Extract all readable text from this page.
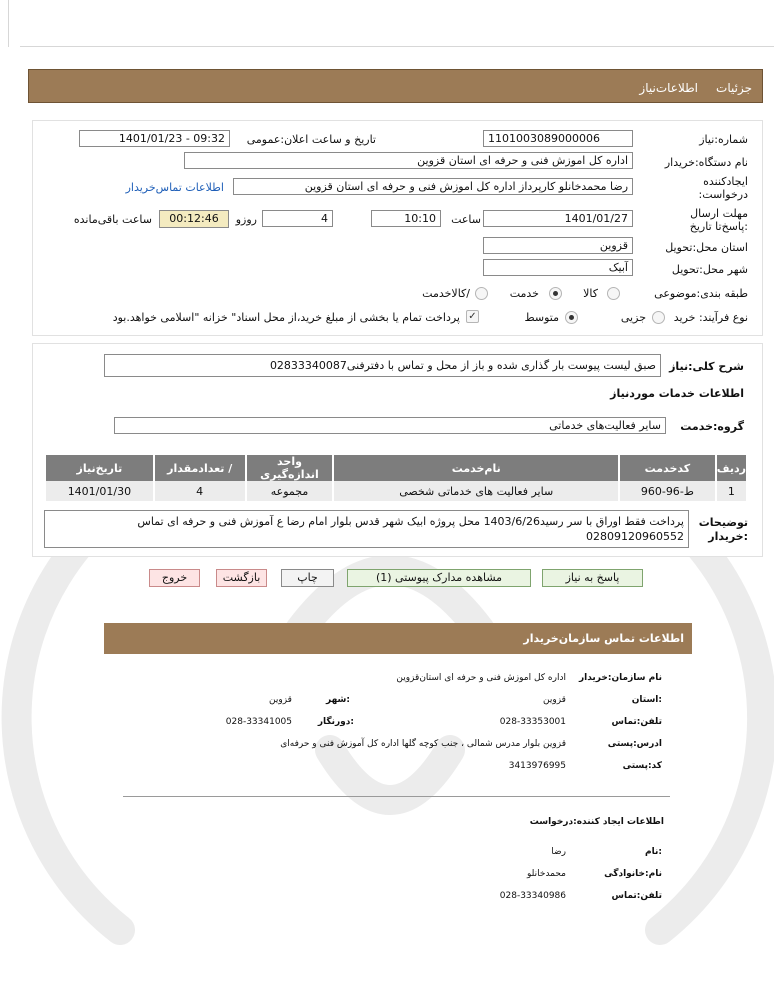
جزئیات
اطلاعات‌نیاز
شماره:نیاز
1101003089000006
تاریخ و ساعت اعلان:عمومی
1401/01/23 - 09:32
نام دستگاه:خریدار
اداره کل اموزش فنی و حرفه ای استان قزوین
ایجادکننده درخواست:
رضا محمدخانلو کارپرداز اداره کل اموزش فنی و حرفه ای استان قزوین
اطلاعات تماس‌خریدار
مهلت ارسال :پاسخ‌تا تاریخ
1401/01/27
ساعت
10:10
4
روزو
00:12:46
ساعت باقی‌مانده
استان محل:تحویل
قزوین
شهر محل:تحویل
آبیک
طبقه بندی:موضوعی
کالا
خدمت
/کالاخدمت
نوع فرآیند: خرید
جزیی
متوسط
✓
پرداخت تمام یا بخشی از مبلغ خرید،از محل اسناد" خزانه "اسلامی خواهد.بود
شرح کلی:نیاز
صبق لیست پیوست بار گذاری شده و باز از محل و تماس با دفترفنی02833340087
اطلاعات خدمات موردنیاز
گروه:خدمت
سایر فعالیت‌های خدماتی
ردیف	کدخدمت	نام‌خدمت	واحد اندازه‌گیری	/ تعدادمقدار	تاریخ‌نیاز
1	ط-96-960	سایر فعالیت های خدماتی شخصی	مجموعه	4	1401/01/30
توضیحات :خریدار
پرداخت فقط اوراق با سر رسید1403/6/26 محل پروژه ابیک شهر قدس بلوار امام رضا ع آموزش فنی و حرفه ای تماس
02809120960552
پاسخ به نیاز
مشاهده مدارک پیوستی (1)
چاپ
بازگشت
خروج
اطلاعات تماس سازمان‌خریدار
نام سازمان:خریدار
اداره کل اموزش فنی و حرفه ای استان‌قزوین
:استان
قزوین
:شهر
قزوین
تلفن:تماس
028-33353001
:دورنگار
028-33341005
ادرس:پستی
قزوین بلوار مدرس شمالی ، جنب کوچه گلها اداره کل آموزش فنی و حرفه‌ای
کد:پستی
3413976995
اطلاعات ایجاد کننده:درخواست
:نام
رضا
نام:خانوادگی
محمدخانلو
تلفن:تماس
028-33340986
